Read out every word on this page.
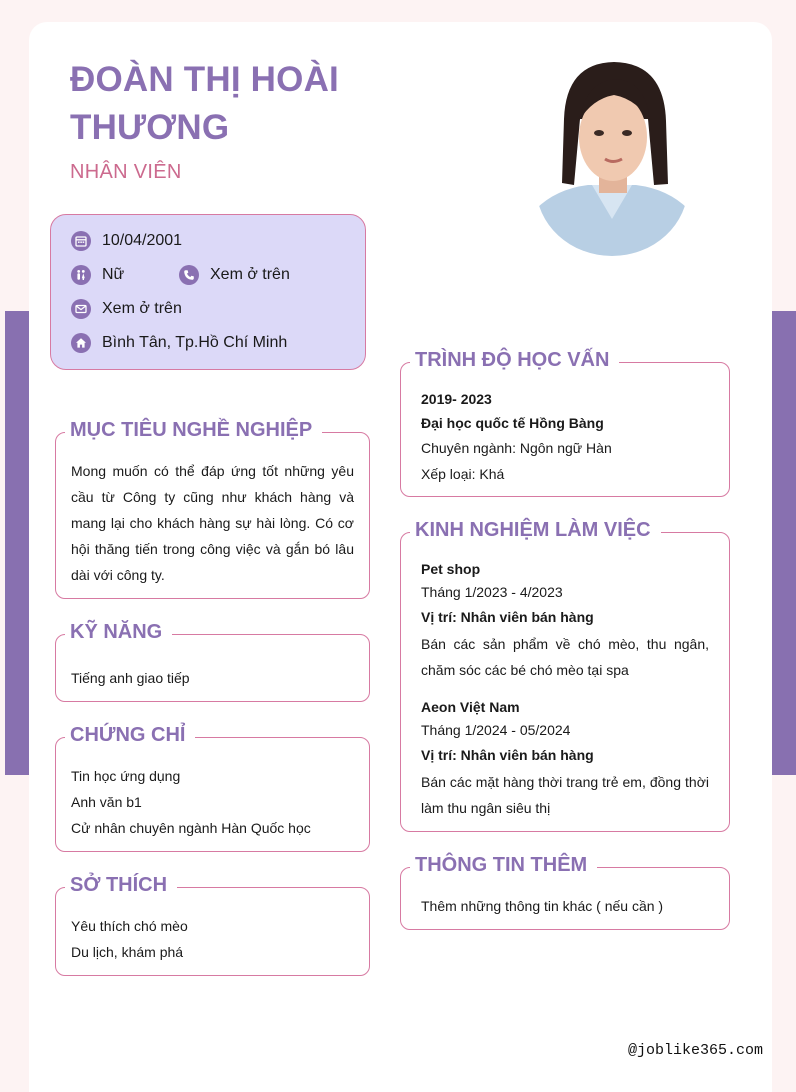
ĐOÀN THỊ HOÀI THƯƠNG

NHÂN VIÊN

10/04/2001
Nữ	Xem ở trên
Xem ở trên
Bình Tân, Tp.Hồ Chí Minh
MỤC TIÊU NGHỀ NGHIỆP

Mong muốn có thể đáp ứng tốt những yêu cầu từ Công ty cũng như khách hàng và mang lại cho khách hàng sự hài lòng. Có cơ hội thăng tiến trong công việc và gắn bó lâu dài với công ty.

KỸ NĂNG

Tiếng anh giao tiếp

CHỨNG CHỈ

Tin học ứng dụng

Anh văn b1

Cử nhân chuyên ngành Hàn Quốc học

SỞ THÍCH

Yêu thích chó mèo

Du lịch, khám phá

TRÌNH ĐỘ HỌC VẤN

2019- 2023

Đại học quốc tế Hồng Bàng

Chuyên ngành: Ngôn ngữ Hàn

Xếp loại: Khá

KINH NGHIỆM LÀM VIỆC

Pet shop

Tháng 1/2023 - 4/2023

Vị trí: Nhân viên bán hàng

Bán các sản phẩm về chó mèo, thu ngân, chăm sóc các bé chó mèo tại spa

Aeon Việt Nam

Tháng 1/2024 - 05/2024

Vị trí: Nhân viên bán hàng

Bán các mặt hàng thời trang trẻ em, đồng thời làm thu ngân siêu thị

THÔNG TIN THÊM

Thêm những thông tin khác ( nếu cần )

@joblike365.com
